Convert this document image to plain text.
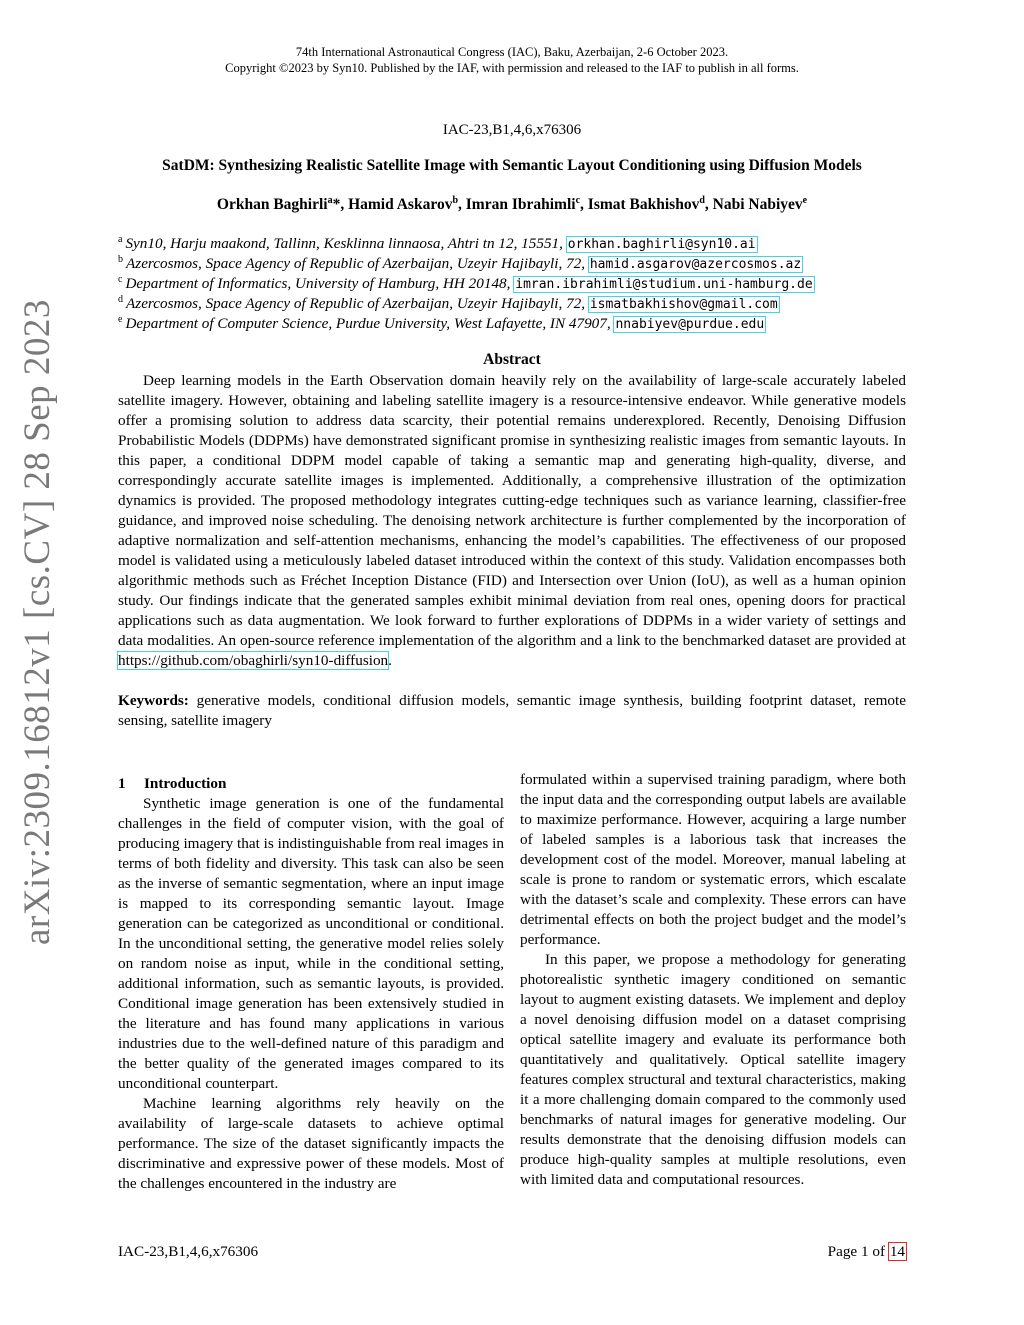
74th International Astronautical Congress (IAC), Baku, Azerbaijan, 2-6 October 2023.
Copyright ©2023 by Syn10. Published by the IAF, with permission and released to the IAF to publish in all forms.
IAC-23,B1,4,6,x76306
SatDM: Synthesizing Realistic Satellite Image with Semantic Layout Conditioning using Diffusion Models
Orkhan Baghirli$^a$*, Hamid Askarov$^b$, Imran Ibrahimli$^c$, Ismat Bakhishov$^d$, Nabi Nabiyev$^e$
$^a$ Syn10, Harju maakond, Tallinn, Kesklinna linnaosa, Ahtri tn 12, 15551, orkhan.baghirli@syn10.ai
$^b$ Azercosmos, Space Agency of Republic of Azerbaijan, Uzeyir Hajibayli, 72, hamid.asgarov@azercosmos.az
$^c$ Department of Informatics, University of Hamburg, HH 20148, imran.ibrahimli@studium.uni-hamburg.de
$^d$ Azercosmos, Space Agency of Republic of Azerbaijan, Uzeyir Hajibayli, 72, ismatbakhishov@gmail.com
$^e$ Department of Computer Science, Purdue University, West Lafayette, IN 47907, nnabiyev@purdue.edu
Abstract

Deep learning models in the Earth Observation domain heavily rely on the availability of large-scale accurately labeled satellite imagery. However, obtaining and labeling satellite imagery is a resource-intensive endeavor. While generative models offer a promising solution to address data scarcity, their potential remains underexplored. Recently, Denoising Diffusion Probabilistic Models (DDPMs) have demonstrated significant promise in synthesizing realistic images from semantic layouts. In this paper, a conditional DDPM model capable of taking a semantic map and generating high-quality, diverse, and correspondingly accurate satellite images is implemented. Additionally, a comprehensive illustration of the optimization dynamics is provided. The proposed methodology integrates cutting-edge techniques such as variance learning, classifier-free guidance, and improved noise scheduling. The denoising network architecture is further complemented by the incorporation of adaptive normalization and self-attention mechanisms, enhancing the model’s capabilities. The effectiveness of our proposed model is validated using a meticulously labeled dataset introduced within the context of this study. Validation encompasses both algorithmic methods such as Fréchet Inception Distance (FID) and Intersection over Union (IoU), as well as a human opinion study. Our findings indicate that the generated samples exhibit minimal deviation from real ones, opening doors for practical applications such as data augmentation. We look forward to further explorations of DDPMs in a wider variety of settings and data modalities. An open-source reference implementation of the algorithm and a link to the benchmarked dataset are provided at https://github.com/obaghirli/syn10-diffusion.

Keywords: generative models, conditional diffusion models, semantic image synthesis, building footprint dataset, remote sensing, satellite imagery
1 Introduction

Synthetic image generation is one of the fundamental challenges in the field of computer vision, with the goal of producing imagery that is indistinguishable from real images in terms of both fidelity and diversity. This task can also be seen as the inverse of semantic segmentation, where an input image is mapped to its corresponding semantic layout. Image generation can be categorized as unconditional or conditional. In the unconditional setting, the generative model relies solely on random noise as input, while in the conditional setting, additional information, such as semantic layouts, is provided. Conditional image generation has been extensively studied in the literature and has found many applications in various industries due to the well-defined nature of this paradigm and the better quality of the generated images compared to its unconditional counterpart.

Machine learning algorithms rely heavily on the availability of large-scale datasets to achieve optimal performance. The size of the dataset significantly impacts the discriminative and expressive power of these models. Most of the challenges encountered in the industry are

formulated within a supervised training paradigm, where both the input data and the corresponding output labels are available to maximize performance. However, acquiring a large number of labeled samples is a laborious task that increases the development cost of the model. Moreover, manual labeling at scale is prone to random or systematic errors, which escalate with the dataset’s scale and complexity. These errors can have detrimental effects on both the project budget and the model’s performance.

In this paper, we propose a methodology for generating photorealistic synthetic imagery conditioned on semantic layout to augment existing datasets. We implement and deploy a novel denoising diffusion model on a dataset comprising optical satellite imagery and evaluate its performance both quantitatively and qualitatively. Optical satellite imagery features complex structural and textural characteristics, making it a more challenging domain compared to the commonly used benchmarks of natural images for generative modeling. Our results demonstrate that the denoising diffusion models can produce high-quality samples at multiple resolutions, even with limited data and computational resources.

IAC-23,B1,4,6,x76306	Page 1 of 14
arXiv:2309.16812v1 [cs.CV] 28 Sep 2023
